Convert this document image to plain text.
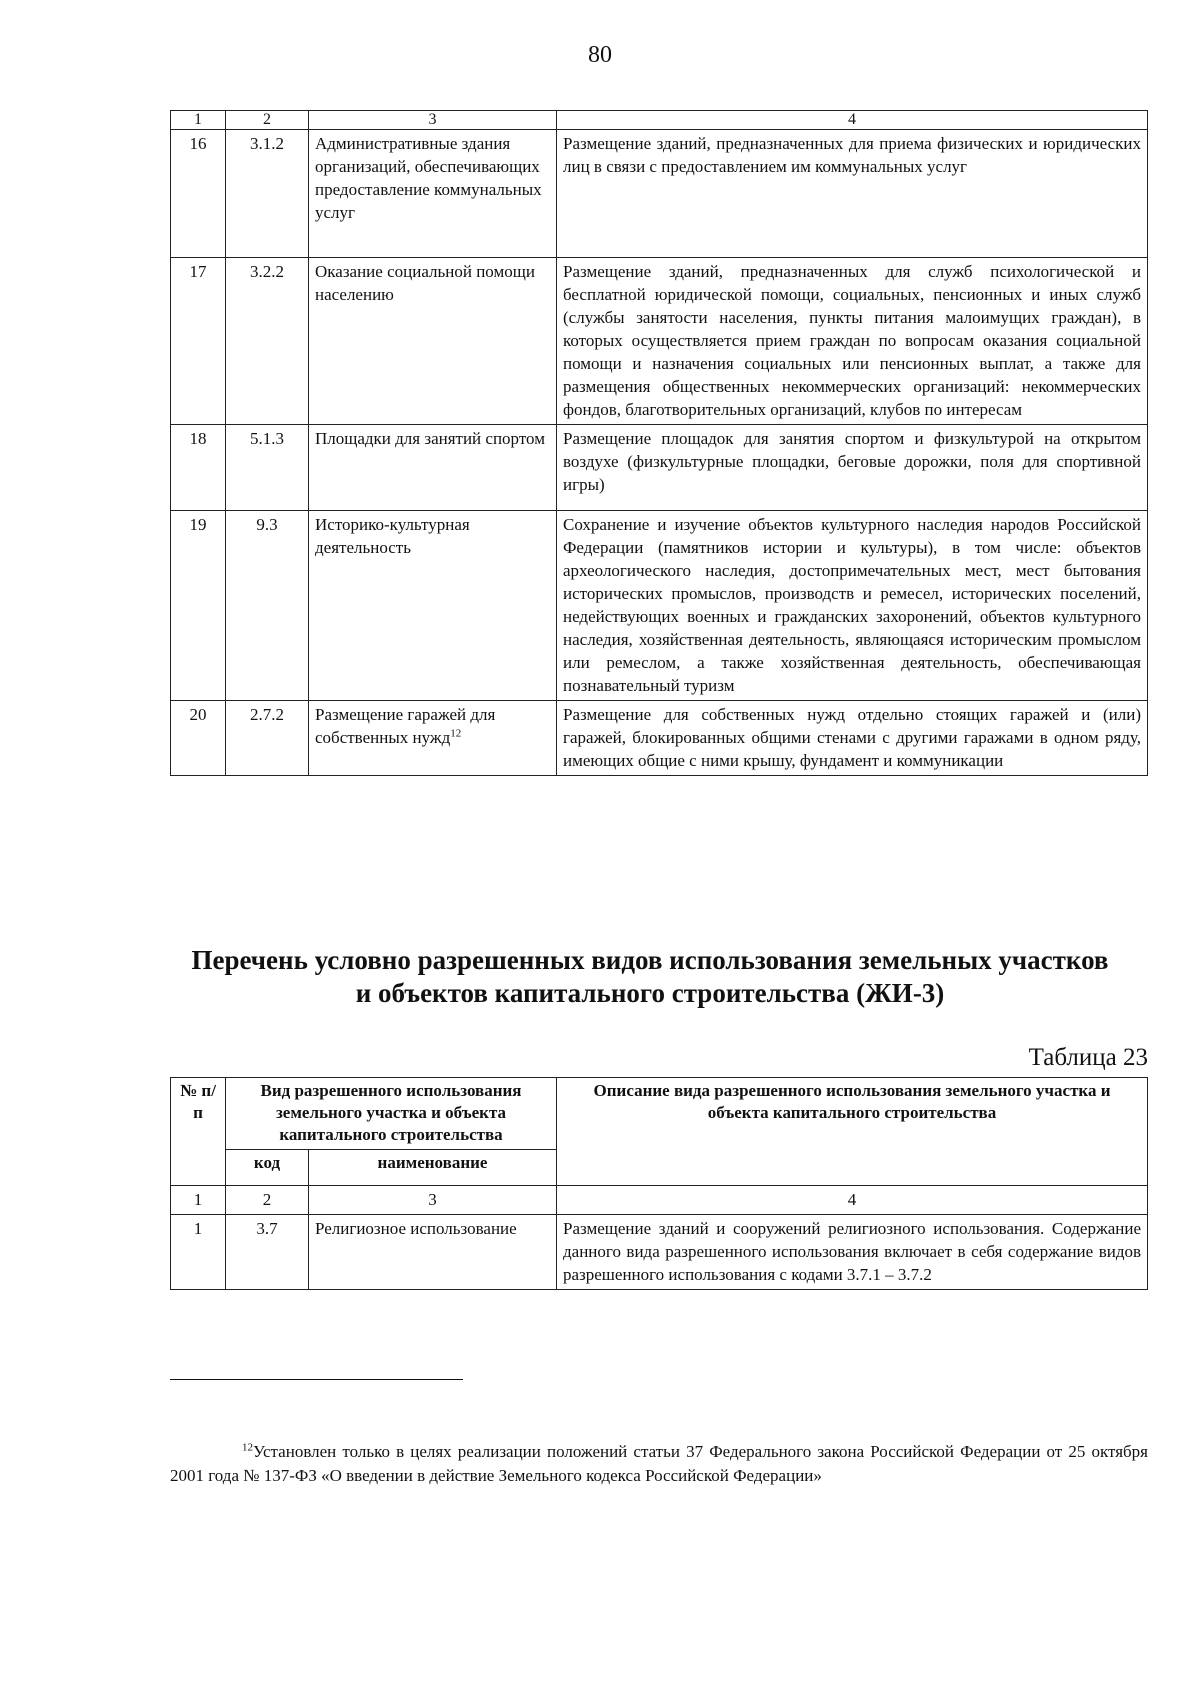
80
1	2	3	4
16	3.1.2	Административные здания организаций, обеспечивающих предоставление коммунальных услуг	Размещение зданий, предназначенных для приема физических и юридических лиц в связи с предоставлением им коммунальных услуг
17	3.2.2	Оказание социальной помощи населению	Размещение зданий, предназначенных для служб психологической и бесплатной юридической помощи, социальных, пенсионных и иных служб (службы занятости населения, пункты питания малоимущих граждан), в которых осуществляется прием граждан по вопросам оказания социальной помощи и назначения социальных или пенсионных выплат, а также для размещения общественных некоммерческих организаций: некоммерческих фондов, благотворительных организаций, клубов по интересам
18	5.1.3	Площадки для занятий спортом	Размещение площадок для занятия спортом и физкультурой на открытом воздухе (физкультурные площадки, беговые дорожки, поля для спортивной игры)
19	9.3	Историко-культурная деятельность	Сохранение и изучение объектов культурного наследия народов Российской Федерации (памятников истории и культуры), в том числе: объектов археологического наследия, достопримечательных мест, мест бытования исторических промыслов, производств и ремесел, исторических поселений, недействующих военных и гражданских захоронений, объектов культурного наследия, хозяйственная деятельность, являющаяся историческим промыслом или ремеслом, а также хозяйственная деятельность, обеспечивающая познавательный туризм
20	2.7.2	Размещение гаражей для собственных нужд$^{12}$	Размещение для собственных нужд отдельно стоящих гаражей и (или) гаражей, блокированных общими стенами с другими гаражами в одном ряду, имеющих общие с ними крышу, фундамент и коммуникации
Перечень условно разрешенных видов использования земельных участков
и объектов капитального строительства (ЖИ-3)
Таблица 23
№ п/п	Вид разрешенного использования земельного участка и объекта капитального строительства		Описание вида разрешенного использования земельного участка и объекта капитального строительства
	код	наименование	
1	2	3	4
1	3.7	Религиозное использование	Размещение зданий и сооружений религиозного использования. Содержание данного вида разрешенного использования включает в себя содержание видов разрешенного использования с кодами 3.7.1 – 3.7.2
$^{12}$Установлен только в целях реализации положений статьи 37 Федерального закона Российской Федерации от 25 октября 2001 года № 137-ФЗ «О введении в действие Земельного кодекса Российской Федерации»
